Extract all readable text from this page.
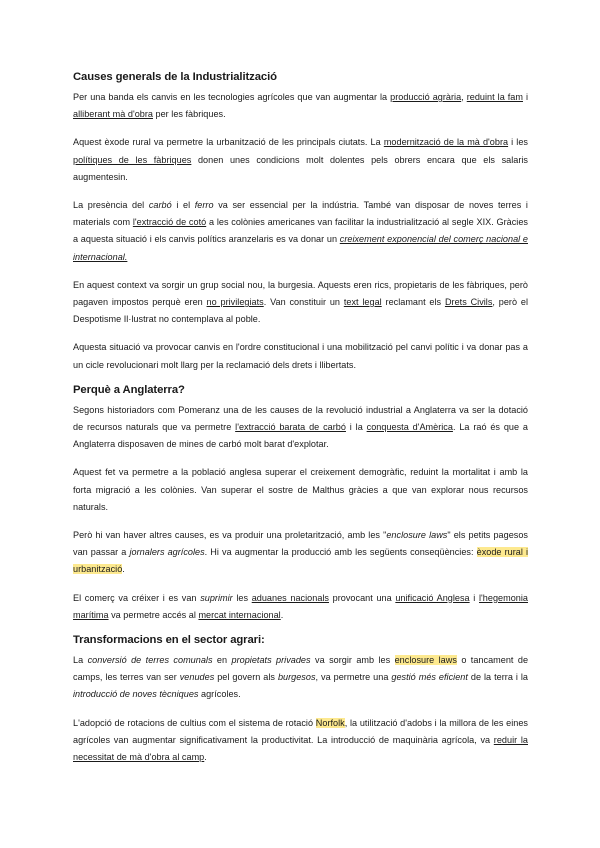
Causes generals de la Industrialització

Per una banda els canvis en les tecnologies agrícoles que van augmentar la producció agrària, reduint la fam i alliberant mà d'obra per les fàbriques.

Aquest èxode rural va permetre la urbanització de les principals ciutats. La modernització de la mà d'obra i les polítiques de les fàbriques donen unes condicions molt dolentes pels obrers encara que els salaris augmentesin.

La presència del carbó i el ferro va ser essencial per la indústria. També van disposar de noves terres i materials com l'extracció de cotó a les colònies americanes van facilitar la industrialització al segle XIX. Gràcies a aquesta situació i els canvis polítics aranzelaris es va donar un creixement exponencial del comerç nacional e internacional.

En aquest context va sorgir un grup social nou, la burgesia. Aquests eren rics, propietaris de les fàbriques, però pagaven impostos perquè eren no privilegiats. Van constituir un text legal reclamant els Drets Civils, però el Despotisme Il·lustrat no contemplava al poble.

Aquesta situació va provocar canvis en l'ordre constitucional i una mobilització pel canvi polític i va donar pas a un cicle revolucionari molt llarg per la reclamació dels drets i llibertats.

Perquè a Anglaterra?

Segons historiadors com Pomeranz una de les causes de la revolució industrial a Anglaterra va ser la dotació de recursos naturals que va permetre l'extracció barata de carbó i la conquesta d'Amèrica. La raó és que a Anglaterra disposaven de mines de carbó molt barat d'explotar.

Aquest fet va permetre a la població anglesa superar el creixement demogràfic, reduint la mortalitat i amb la forta migració a les colònies. Van superar el sostre de Malthus gràcies a que van explorar nous recursos naturals.

Però hi van haver altres causes, es va produir una proletarització, amb les "enclosure laws" els petits pagesos van passar a jornalers agrícoles. Hi va augmentar la producció amb les següents conseqüències: èxode rural i urbanització.

El comerç va créixer i es van suprimir les aduanes nacionals provocant una unificació Anglesa i l'hegemonia marítima va permetre accés al mercat internacional.

Transformacions en el sector agrari:

La conversió de terres comunals en propietats privades va sorgir amb les enclosure laws o tancament de camps, les terres van ser venudes pel govern als burgesos, va permetre una gestió més eficient de la terra i la introducció de noves tècniques agrícoles.

L'adopció de rotacions de cultius com el sistema de rotació Norfolk, la utilització d'adobs i la millora de les eines agrícoles van augmentar significativament la productivitat. La introducció de maquinària agrícola, va reduir la necessitat de mà d'obra al camp.
